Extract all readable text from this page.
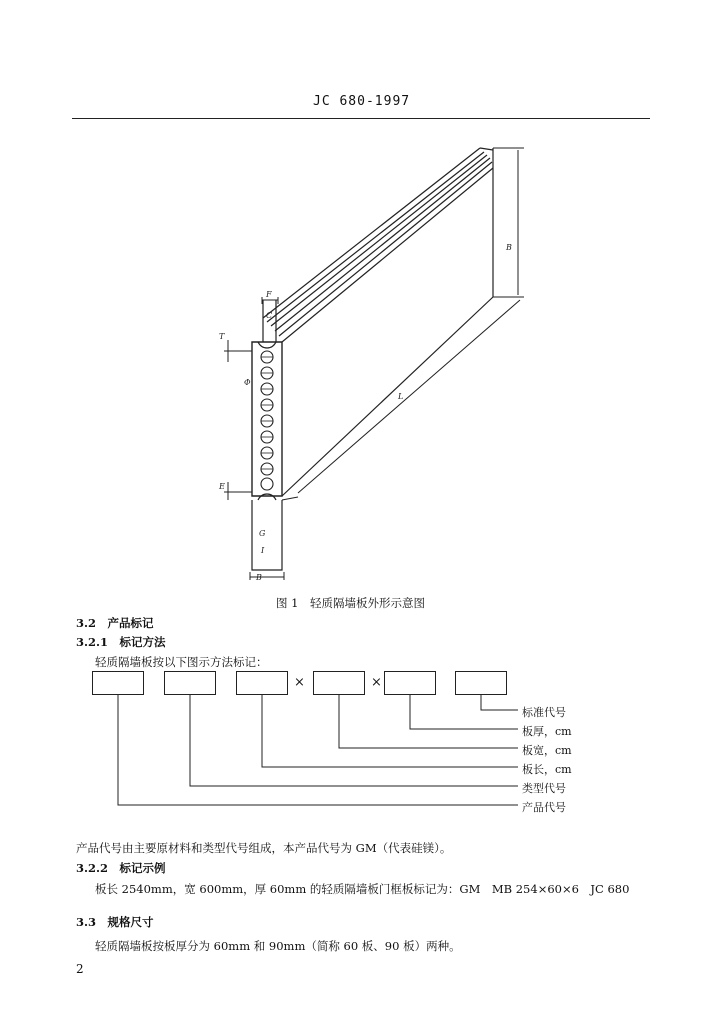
JC 680-1997
B
L
F
C
T
Φ
E
G
I
B
图 1　轻质隔墙板外形示意图
3.2　产品标记
3.2.1　标记方法
轻质隔墙板按以下图示方法标记：
×	×
标准代号
板厚，cm
板宽，cm
板长，cm
类型代号
产品代号
产品代号由主要原材料和类型代号组成，本产品代号为 GM（代表硅镁）。
3.2.2　标记示例
板长 2540mm，宽 600mm，厚 60mm 的轻质隔墙板门框板标记为：GM　MB 254×60×6　JC 680
3.3　规格尺寸
轻质隔墙板按板厚分为 60mm 和 90mm（简称 60 板、90 板）两种。
2
